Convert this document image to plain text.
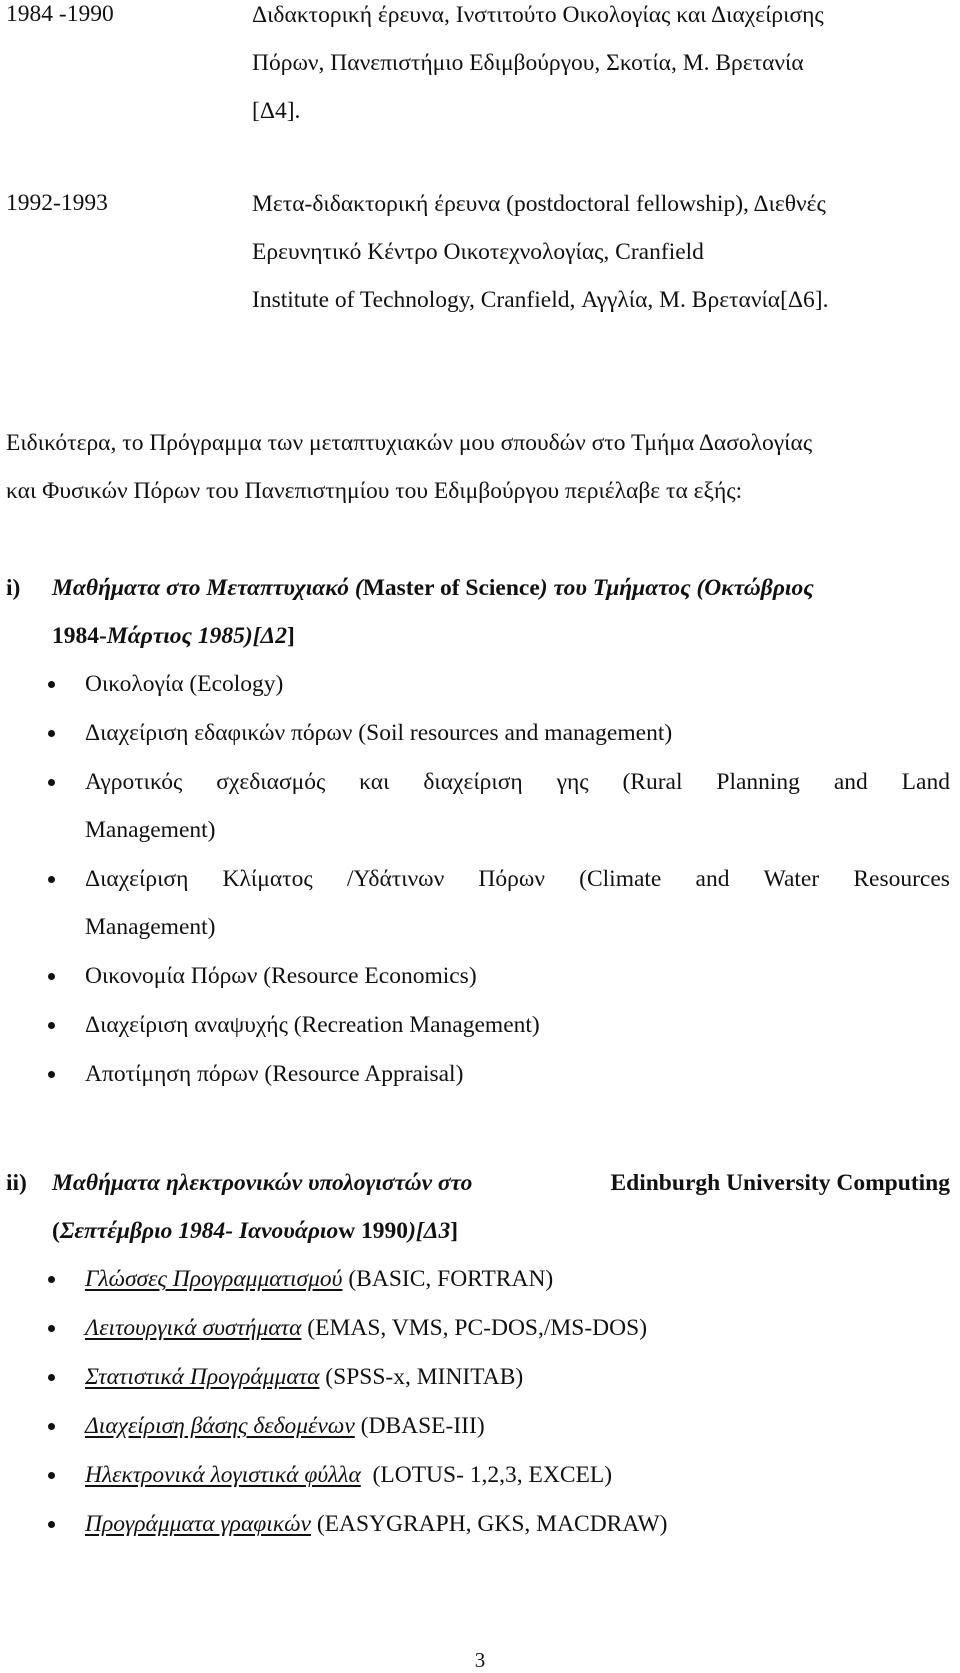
1984 -1990	Διδακτορική έρευνα, Ινστιτούτο Οικολογίας και Διαχείρισης
Πόρων, Πανεπιστήμιο Εδιμβούργου, Σκοτία, Μ. Βρετανία
[Δ4].
1992-1993	Μετα-διδακτορική έρευνα (postdoctoral fellowship), Διεθνές
Ερευνητικό Κέντρο Οικοτεχνολογίας, Cranfield
Institute of Technology, Cranfield, Αγγλία, Μ. Βρετανία[Δ6].
Ειδικότερα, το Πρόγραμμα των μεταπτυχιακών μου σπουδών στο Τμήμα Δασολογίας
και Φυσικών Πόρων του Πανεπιστημίου του Εδιμβούργου περιέλαβε τα εξής:
i) Μαθήματα στο Μεταπτυχιακό (Master of Science) του Τμήματος (Οκτώβριος
1984-Μάρτιος 1985)[Δ2]
Οικολογία (Ecology)
Διαχείριση εδαφικών πόρων (Soil resources and management)
Αγροτικός σχεδιασμός και διαχείριση γης (Rural Planning and Land
Management)
Διαχείριση Κλίματος /Υδάτινων Πόρων (Climate and Water Resources
Management)
Οικονομία Πόρων (Resource Economics)
Διαχείριση αναψυχής (Recreation Management)
Αποτίμηση πόρων (Resource Appraisal)
ii) Μαθήματα ηλεκτρονικών υπολογιστών στο	Edinburgh University Computing
(Σεπτέμβριο 1984- Ιανουάριοw 1990)[Δ3]
Γλώσσες Προγραμματισμού (BASIC, FORTRAN)
Λειτουργικά συστήματα (EMAS, VMS, PC-DOS,/MS-DOS)
Στατιστικά Προγράμματα (SPSS-x, MINITAB)
Διαχείριση βάσης δεδομένων (DBASE-III)
Ηλεκτρονικά λογιστικά φύλλα  (LOTUS- 1,2,3, EXCEL)
Προγράμματα γραφικών (EASYGRAPH, GKS, MACDRAW)
3
